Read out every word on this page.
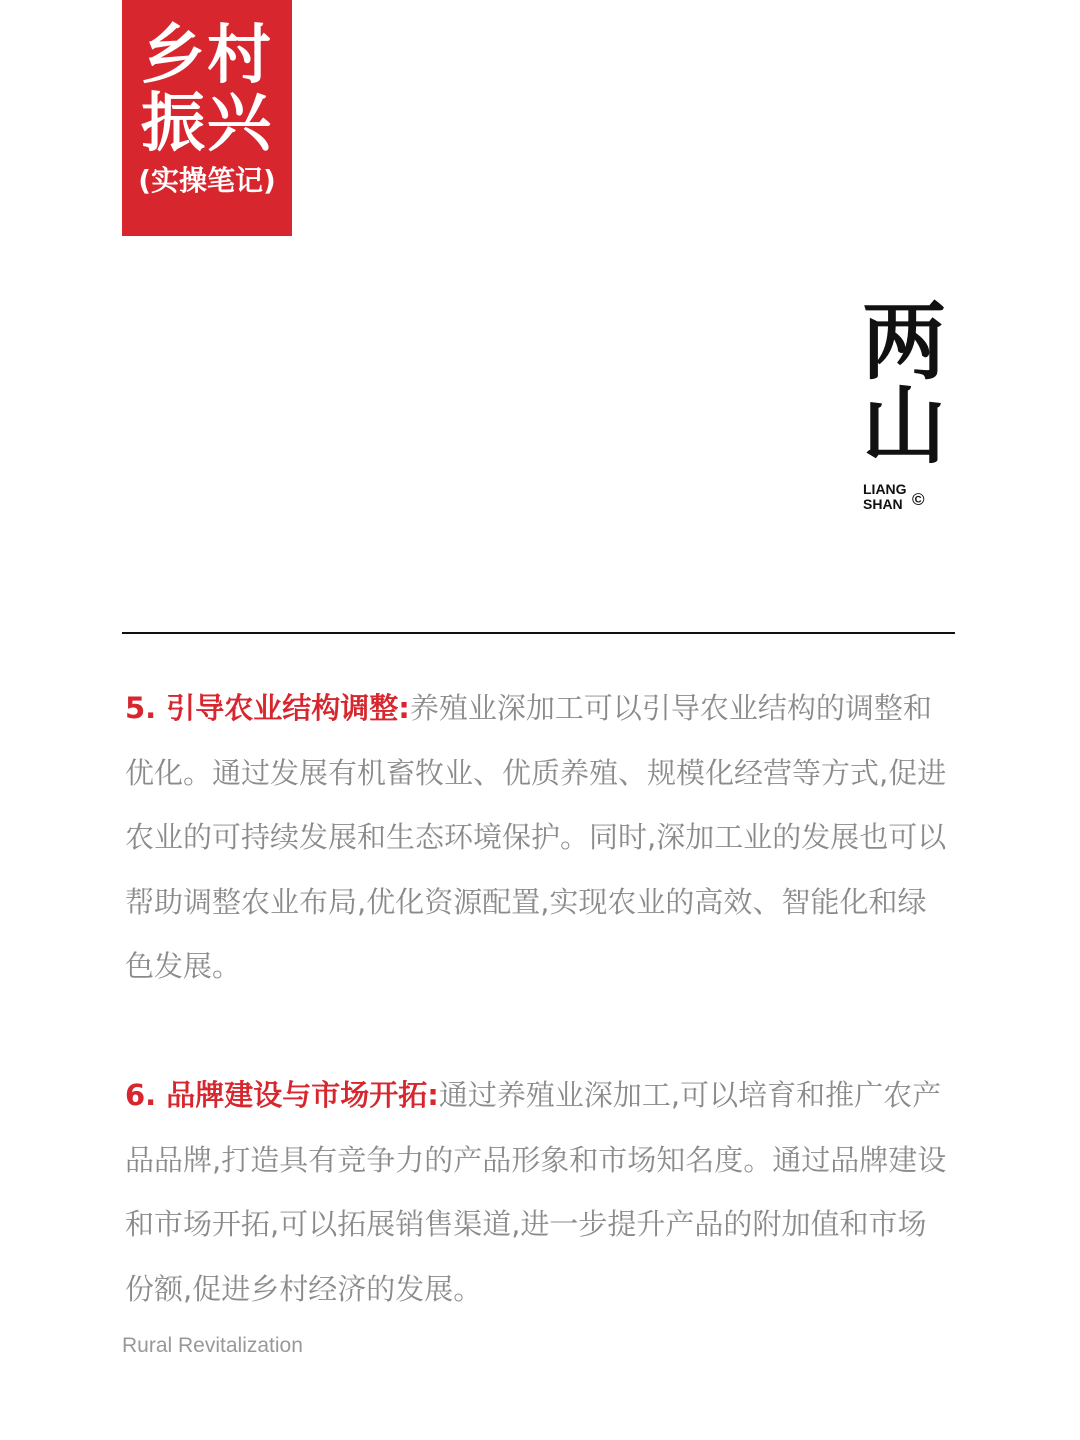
乡村
振兴
(实操笔记)
两
山
LIANG
SHAN ©

5. 引导农业结构调整:养殖业深加工可以引导农业结构的调整和优化。通过发展有机畜牧业、优质养殖、规模化经营等方式,促进农业的可持续发展和生态环境保护。同时,深加工业的发展也可以帮助调整农业布局,优化资源配置,实现农业的高效、智能化和绿色发展。

6. 品牌建设与市场开拓:通过养殖业深加工,可以培育和推广农产品品牌,打造具有竞争力的产品形象和市场知名度。通过品牌建设和市场开拓,可以拓展销售渠道,进一步提升产品的附加值和市场份额,促进乡村经济的发展。

Rural Revitalization
